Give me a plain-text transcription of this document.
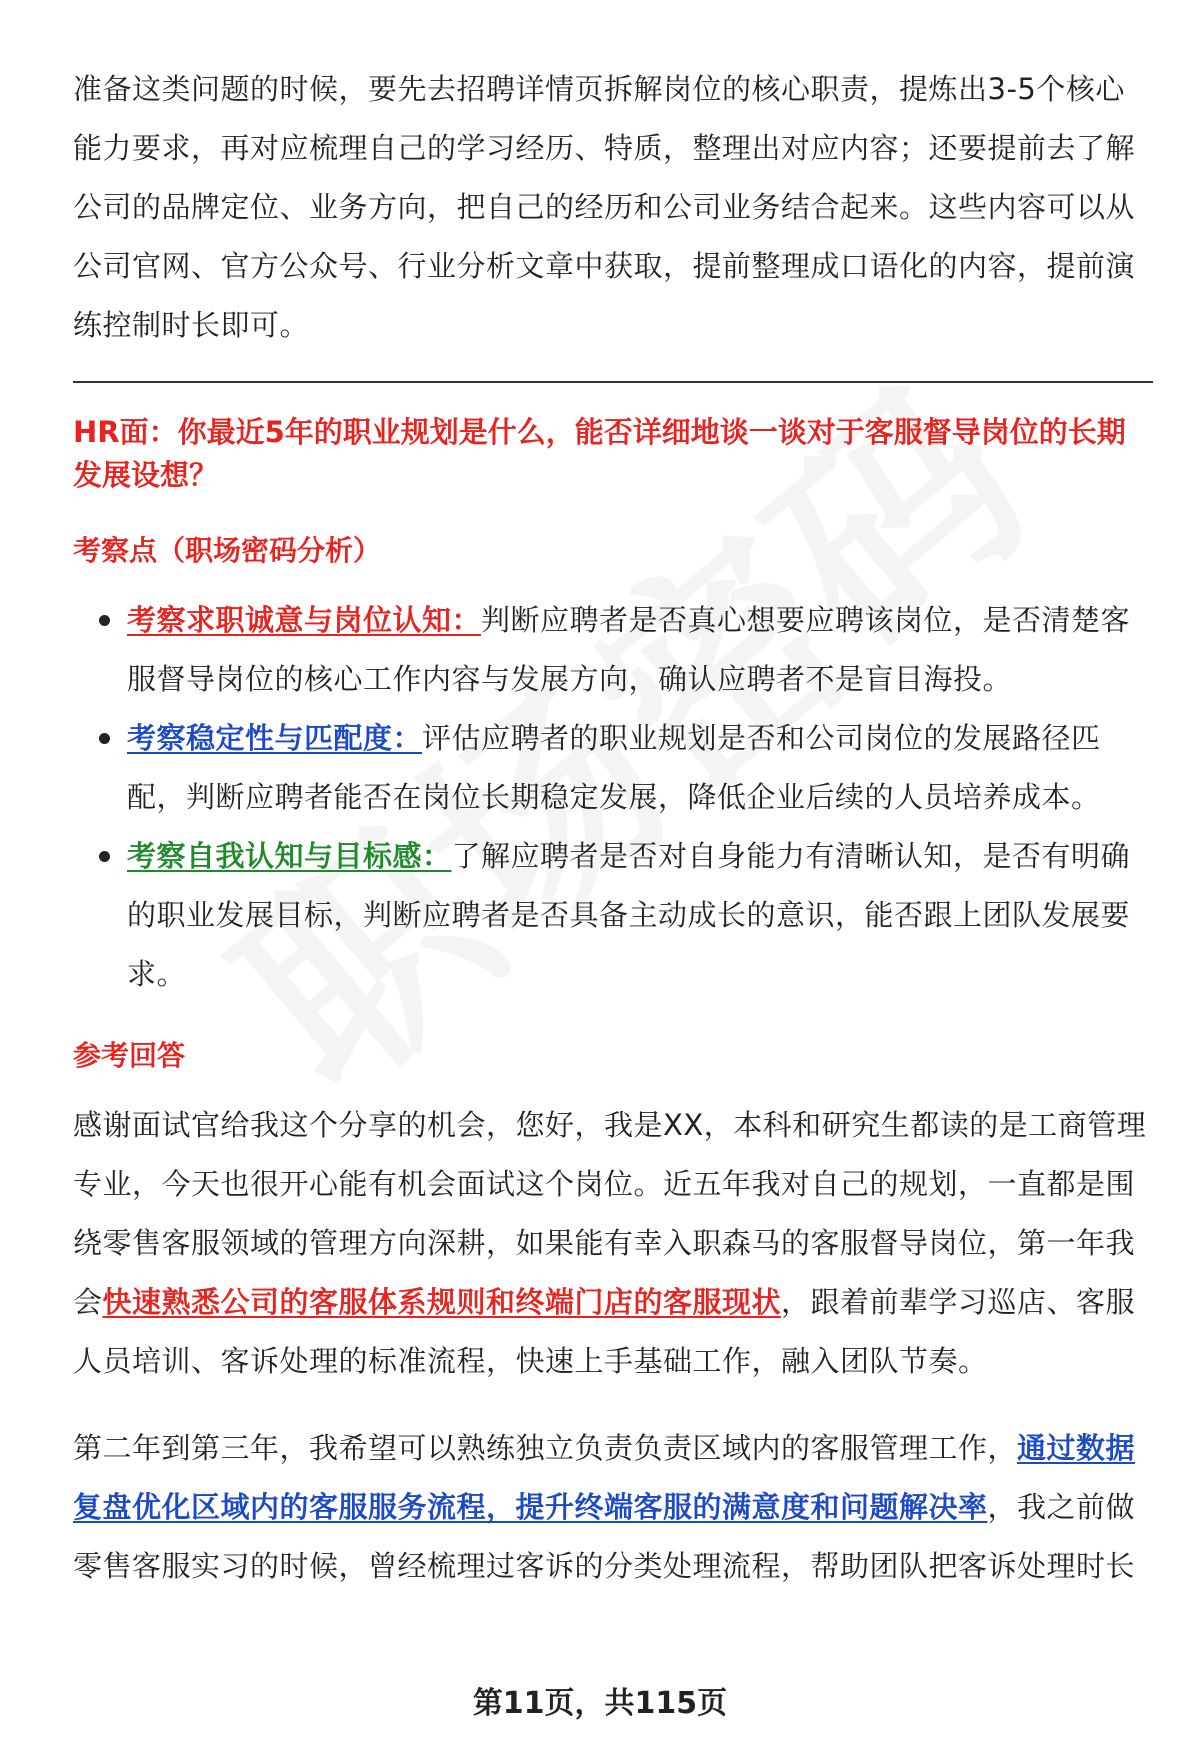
准备这类问题的时候，要先去招聘详情页拆解岗位的核心职责，提炼出3-5个核心能力要求，再对应梳理自己的学习经历、特质，整理出对应内容；还要提前去了解公司的品牌定位、业务方向，把自己的经历和公司业务结合起来。这些内容可以从公司官网、官方公众号、行业分析文章中获取，提前整理成口语化的内容，提前演练控制时长即可。

HR面：你最近5年的职业规划是什么，能否详细地谈一谈对于客服督导岗位的长期发展设想？

考察点（职场密码分析）
考察求职诚意与岗位认知：判断应聘者是否真心想要应聘该岗位，是否清楚客服督导岗位的核心工作内容与发展方向，确认应聘者不是盲目海投。
考察稳定性与匹配度：评估应聘者的职业规划是否和公司岗位的发展路径匹配，判断应聘者能否在岗位长期稳定发展，降低企业后续的人员培养成本。
考察自我认知与目标感：了解应聘者是否对自身能力有清晰认知，是否有明确的职业发展目标，判断应聘者是否具备主动成长的意识，能否跟上团队发展要求。
参考回答

感谢面试官给我这个分享的机会，您好，我是XX，本科和研究生都读的是工商管理专业，今天也很开心能有机会面试这个岗位。近五年我对自己的规划，一直都是围绕零售客服领域的管理方向深耕，如果能有幸入职森马的客服督导岗位，第一年我会快速熟悉公司的客服体系规则和终端门店的客服现状，跟着前辈学习巡店、客服人员培训、客诉处理的标准流程，快速上手基础工作，融入团队节奏。

第二年到第三年，我希望可以熟练独立负责负责区域内的客服管理工作，通过数据复盘优化区域内的客服服务流程，提升终端客服的满意度和问题解决率，我之前做零售客服实习的时候，曾经梳理过客诉的分类处理流程，帮助团队把客诉处理时长

第11页，共115页
